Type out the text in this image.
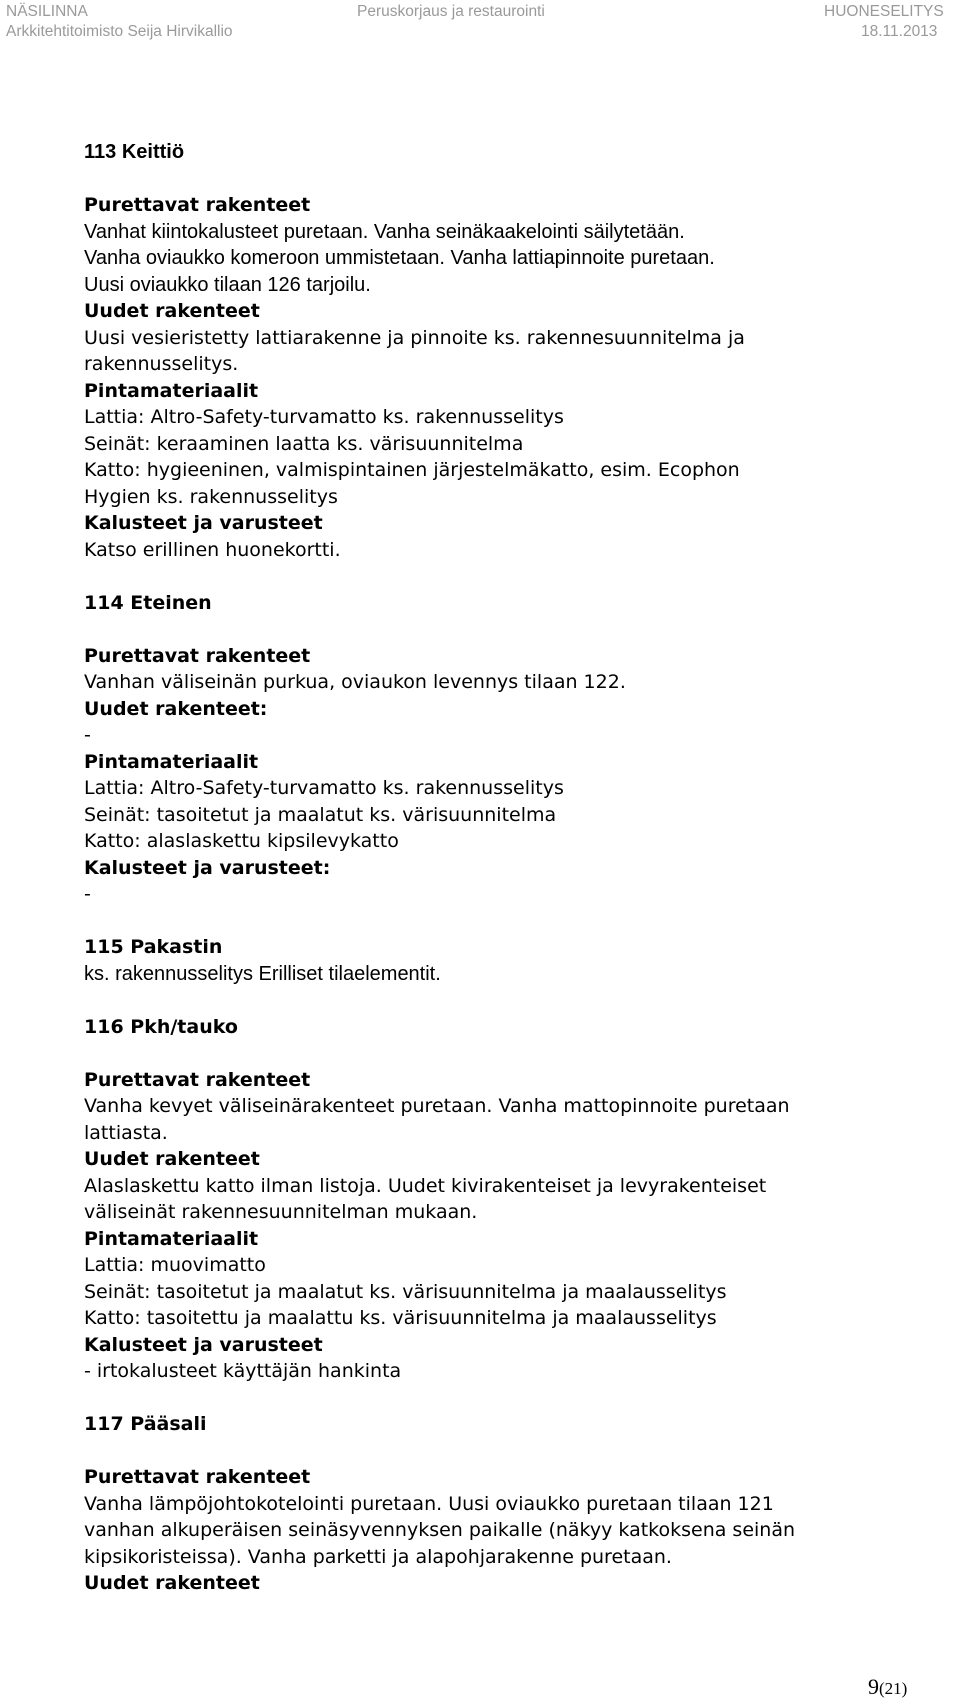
NÄSILINNA
Arkkitehtitoimisto Seija Hirvikallio
Peruskorjaus ja restaurointi	HUONESELITYS
18.11.2013
113 Keittiö
Purettavat rakenteet
Vanhat kiintokalusteet puretaan. Vanha seinäkaakelointi säilytetään.
Vanha oviaukko komeroon ummistetaan. Vanha lattiapinnoite puretaan.
Uusi oviaukko tilaan 126 tarjoilu.
Uudet rakenteet
Uusi vesieristetty lattiarakenne ja pinnoite ks. rakennesuunnitelma ja
rakennusselitys.
Pintamateriaalit
Lattia: Altro-Safety-turvamatto ks. rakennusselitys
Seinät: keraaminen laatta ks. värisuunnitelma
Katto: hygieeninen, valmispintainen järjestelmäkatto, esim. Ecophon
Hygien ks. rakennusselitys
Kalusteet ja varusteet
Katso erillinen huonekortti.
114 Eteinen
Purettavat rakenteet
Vanhan väliseinän purkua, oviaukon levennys tilaan 122.
Uudet rakenteet:
-
Pintamateriaalit
Lattia: Altro-Safety-turvamatto ks. rakennusselitys
Seinät: tasoitetut ja maalatut ks. värisuunnitelma
Katto: alaslaskettu kipsilevykatto
Kalusteet ja varusteet:
-
115 Pakastin
ks. rakennusselitys Erilliset tilaelementit.
116 Pkh/tauko
Purettavat rakenteet
Vanha kevyet väliseinärakenteet puretaan. Vanha mattopinnoite puretaan
lattiasta.
Uudet rakenteet
Alaslaskettu katto ilman listoja. Uudet kivirakenteiset ja levyrakenteiset
väliseinät rakennesuunnitelman mukaan.
Pintamateriaalit
Lattia: muovimatto
Seinät: tasoitetut ja maalatut ks. värisuunnitelma ja maalausselitys
Katto: tasoitettu ja maalattu ks. värisuunnitelma ja maalausselitys
Kalusteet ja varusteet
- irtokalusteet käyttäjän hankinta
117 Pääsali
Purettavat rakenteet
Vanha lämpöjohtokotelointi puretaan. Uusi oviaukko puretaan tilaan 121
vanhan alkuperäisen seinäsyvennyksen paikalle (näkyy katkoksena seinän
kipsikoristeissa). Vanha parketti ja alapohjarakenne puretaan.
Uudet rakenteet
9(21)
